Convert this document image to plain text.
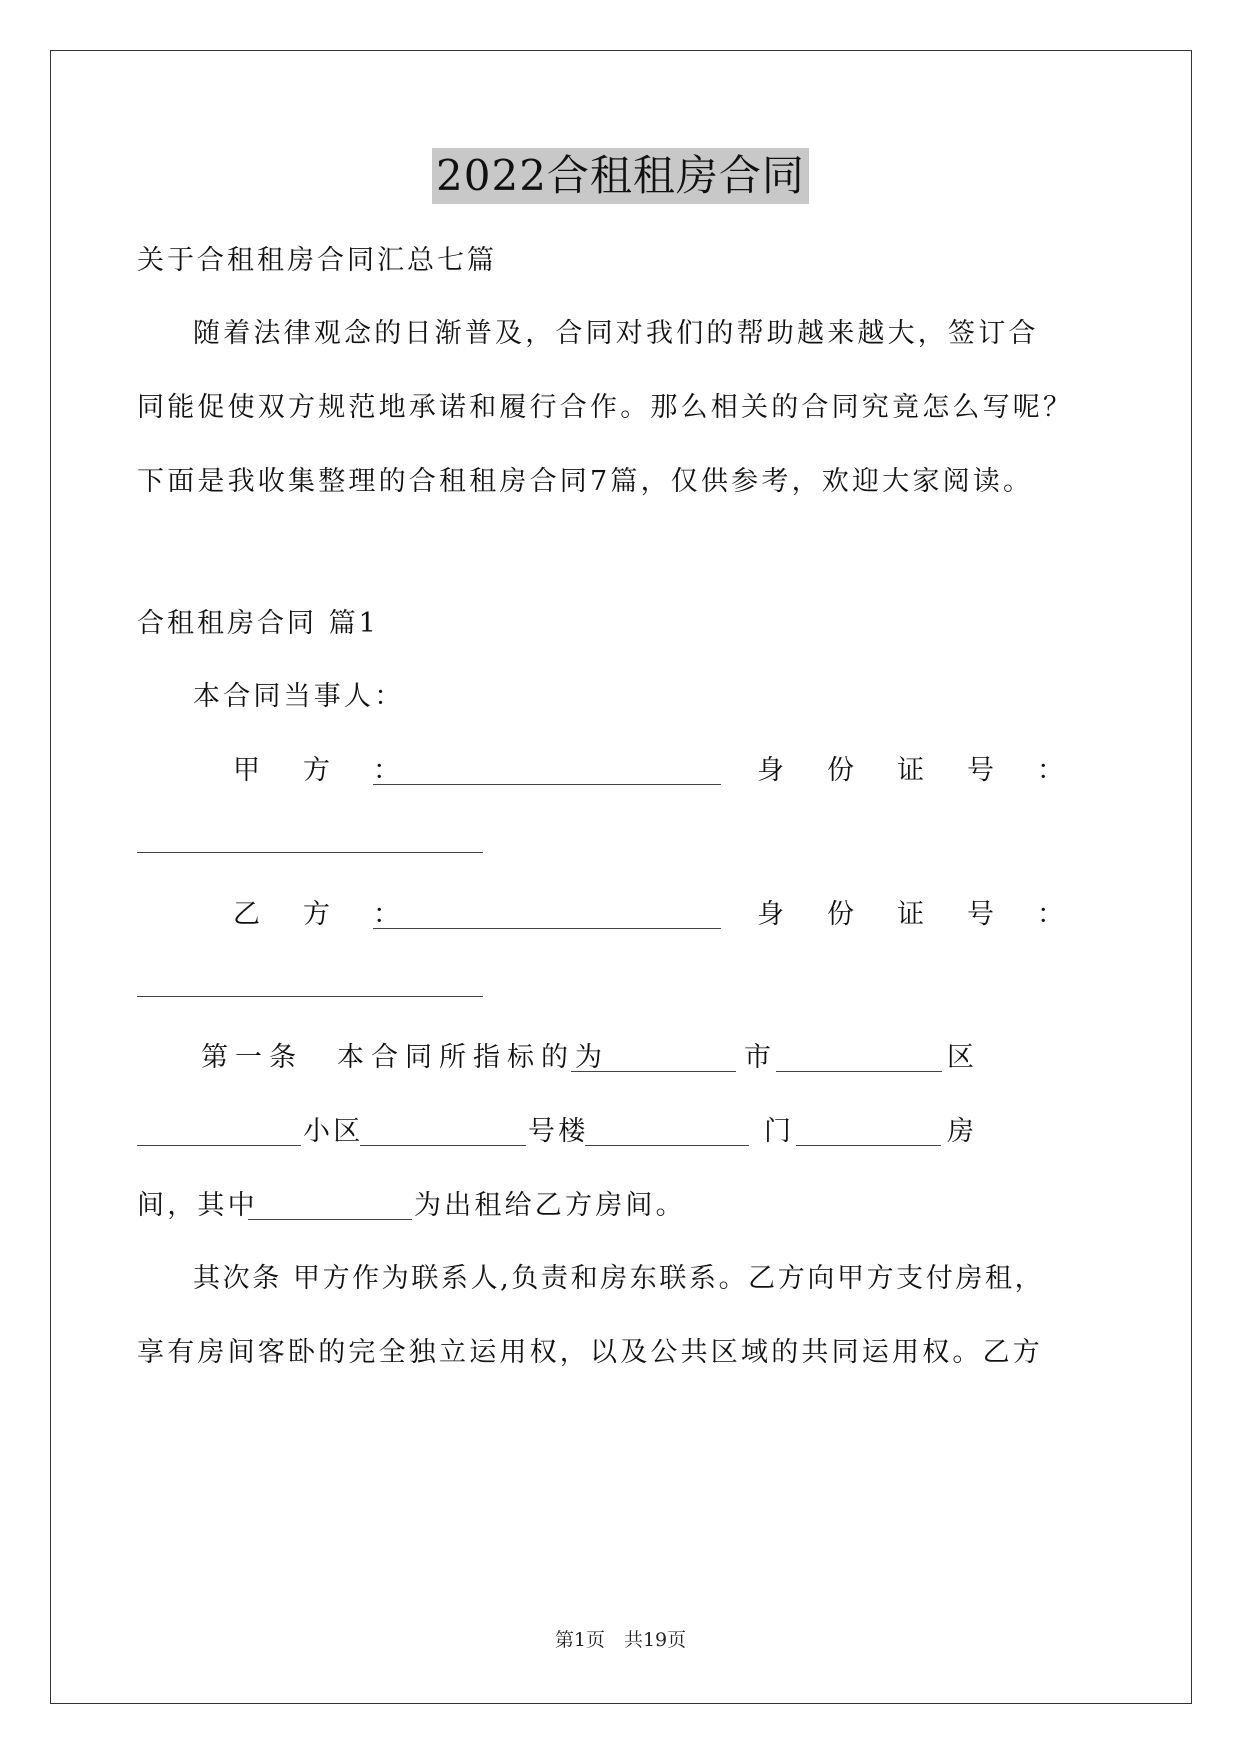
2022合租租房合同
关于合租租房合同汇总七篇
随着法律观念的日渐普及，合同对我们的帮助越来越大，签订合
同能促使双方规范地承诺和履行合作。那么相关的合同究竟怎么写呢？
下面是我收集整理的合租租房合同7篇，仅供参考，欢迎大家阅读。
合租租房合同 篇1
本合同当事人：
甲　方　：	身　份　证　号　：
乙　方　：	身　份　证　号　：
第一条　本合同所指标的为	市	区
小区	号楼	门	房
间，其中	为出租给乙方房间。
其次条 甲方作为联系人,负责和房东联系。乙方向甲方支付房租，
享有房间客卧的完全独立运用权，以及公共区域的共同运用权。乙方
第1页　共19页
